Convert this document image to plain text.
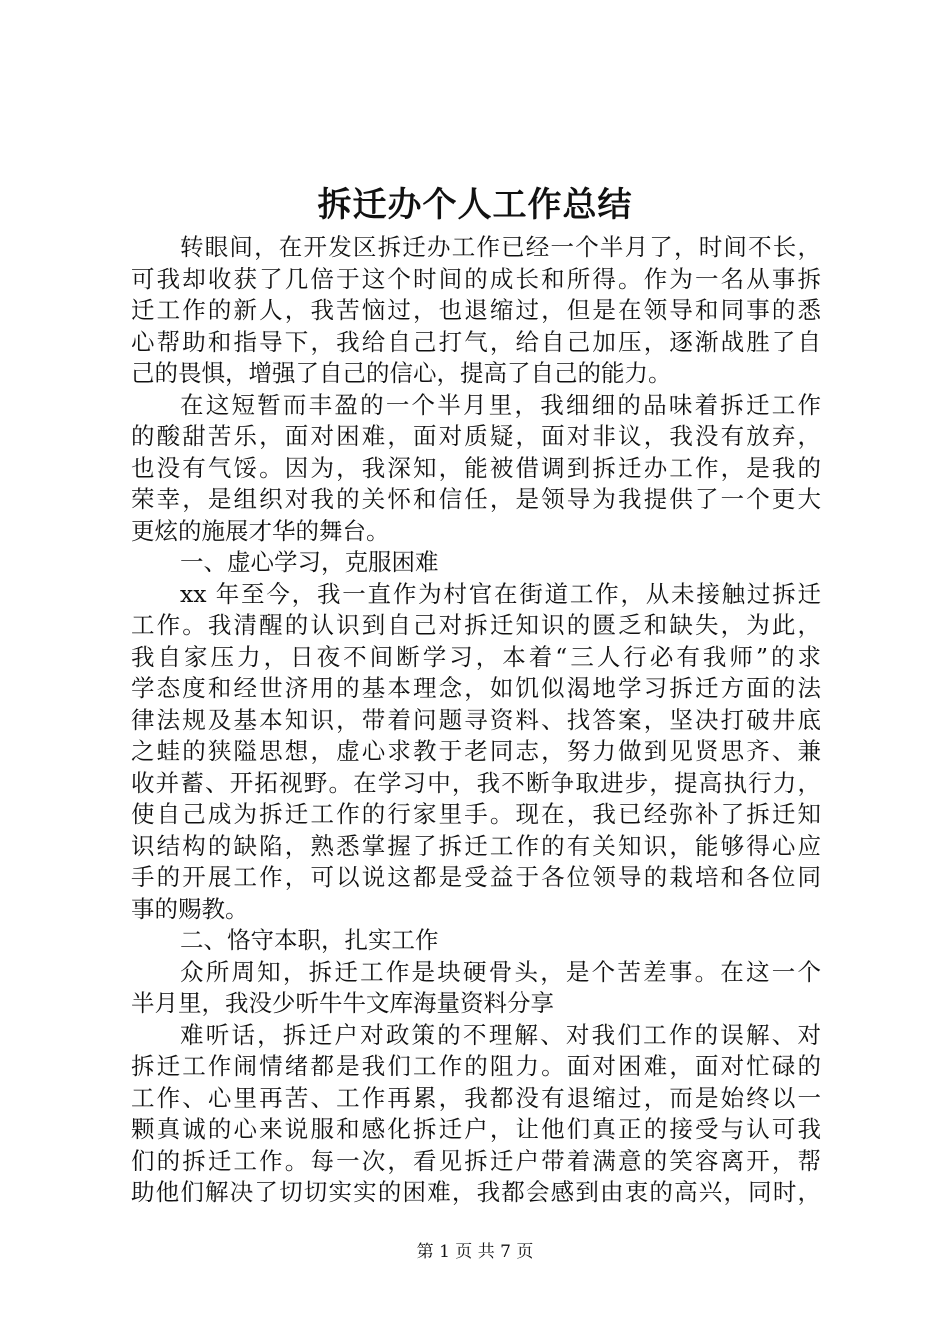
拆迁办个人工作总结
转眼间，在开发区拆迁办工作已经一个半月了，时间不长，
可我却收获了几倍于这个时间的成长和所得。作为一名从事拆
迁工作的新人，我苦恼过，也退缩过，但是在领导和同事的悉
心帮助和指导下，我给自己打气，给自己加压，逐渐战胜了自
己的畏惧，增强了自己的信心，提高了自己的能力。
在这短暂而丰盈的一个半月里，我细细的品味着拆迁工作
的酸甜苦乐，面对困难，面对质疑，面对非议，我没有放弃，
也没有气馁。因为，我深知，能被借调到拆迁办工作，是我的
荣幸，是组织对我的关怀和信任，是领导为我提供了一个更大
更炫的施展才华的舞台。
一、虚心学习，克服困难
xx 年至今，我一直作为村官在街道工作，从未接触过拆迁
工作。我清醒的认识到自己对拆迁知识的匮乏和缺失，为此，
我自家压力，日夜不间断学习，本着“三人行必有我师”的求
学态度和经世济用的基本理念，如饥似渴地学习拆迁方面的法
律法规及基本知识，带着问题寻资料、找答案，坚决打破井底
之蛙的狭隘思想，虚心求教于老同志，努力做到见贤思齐、兼
收并蓄、开拓视野。在学习中，我不断争取进步，提高执行力，
使自己成为拆迁工作的行家里手。现在，我已经弥补了拆迁知
识结构的缺陷，熟悉掌握了拆迁工作的有关知识，能够得心应
手的开展工作，可以说这都是受益于各位领导的栽培和各位同
事的赐教。
二、恪守本职，扎实工作
众所周知，拆迁工作是块硬骨头，是个苦差事。在这一个
半月里，我没少听牛牛文库海量资料分享
难听话，拆迁户对政策的不理解、对我们工作的误解、对
拆迁工作闹情绪都是我们工作的阻力。面对困难，面对忙碌的
工作、心里再苦、工作再累，我都没有退缩过，而是始终以一
颗真诚的心来说服和感化拆迁户，让他们真正的接受与认可我
们的拆迁工作。每一次，看见拆迁户带着满意的笑容离开，帮
助他们解决了切切实实的困难，我都会感到由衷的高兴，同时，
第 1 页 共 7 页
